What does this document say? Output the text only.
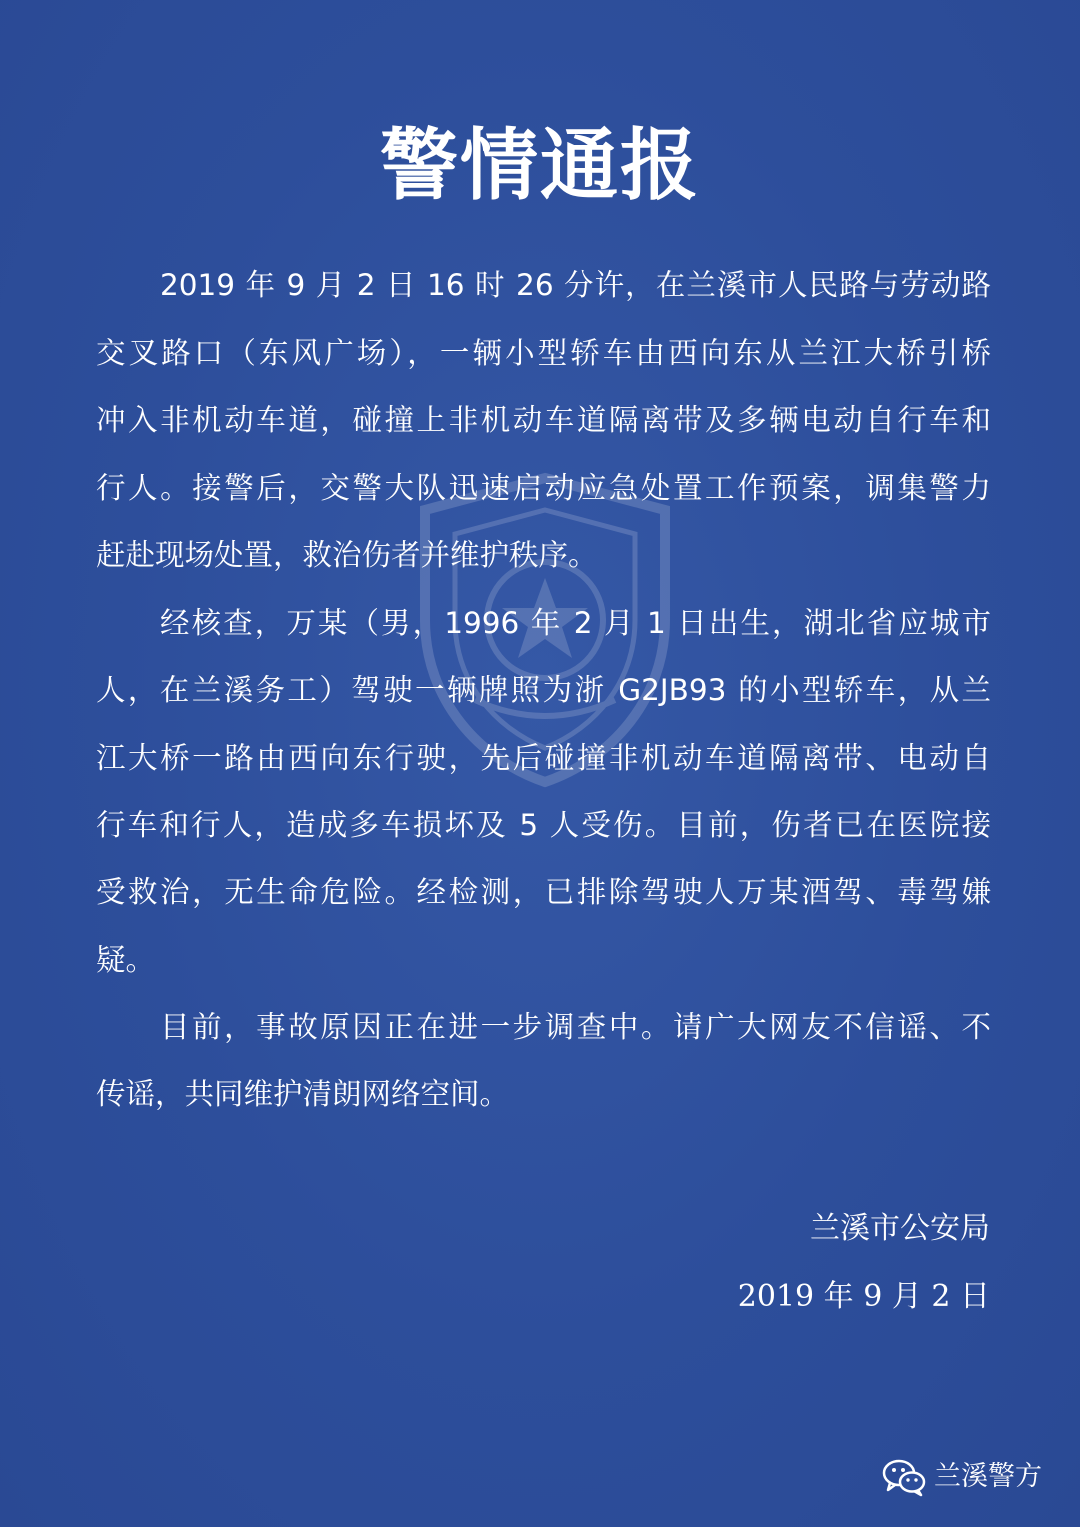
警情通报
2019 年 9 月 2 日 16 时 26 分许，在兰溪市人民路与劳动路
交叉路口（东风广场），一辆小型轿车由西向东从兰江大桥引桥
冲入非机动车道，碰撞上非机动车道隔离带及多辆电动自行车和
行人。接警后，交警大队迅速启动应急处置工作预案，调集警力
赶赴现场处置，救治伤者并维护秩序。
经核查，万某（男，1996 年 2 月 1 日出生，湖北省应城市
人，在兰溪务工）驾驶一辆牌照为浙 G2JB93 的小型轿车，从兰
江大桥一路由西向东行驶，先后碰撞非机动车道隔离带、电动自
行车和行人，造成多车损坏及 5 人受伤。目前，伤者已在医院接
受救治，无生命危险。经检测，已排除驾驶人万某酒驾、毒驾嫌
疑。
目前，事故原因正在进一步调查中。请广大网友不信谣、不
传谣，共同维护清朗网络空间。
兰溪市公安局
2019 年 9 月 2 日
兰溪警方
